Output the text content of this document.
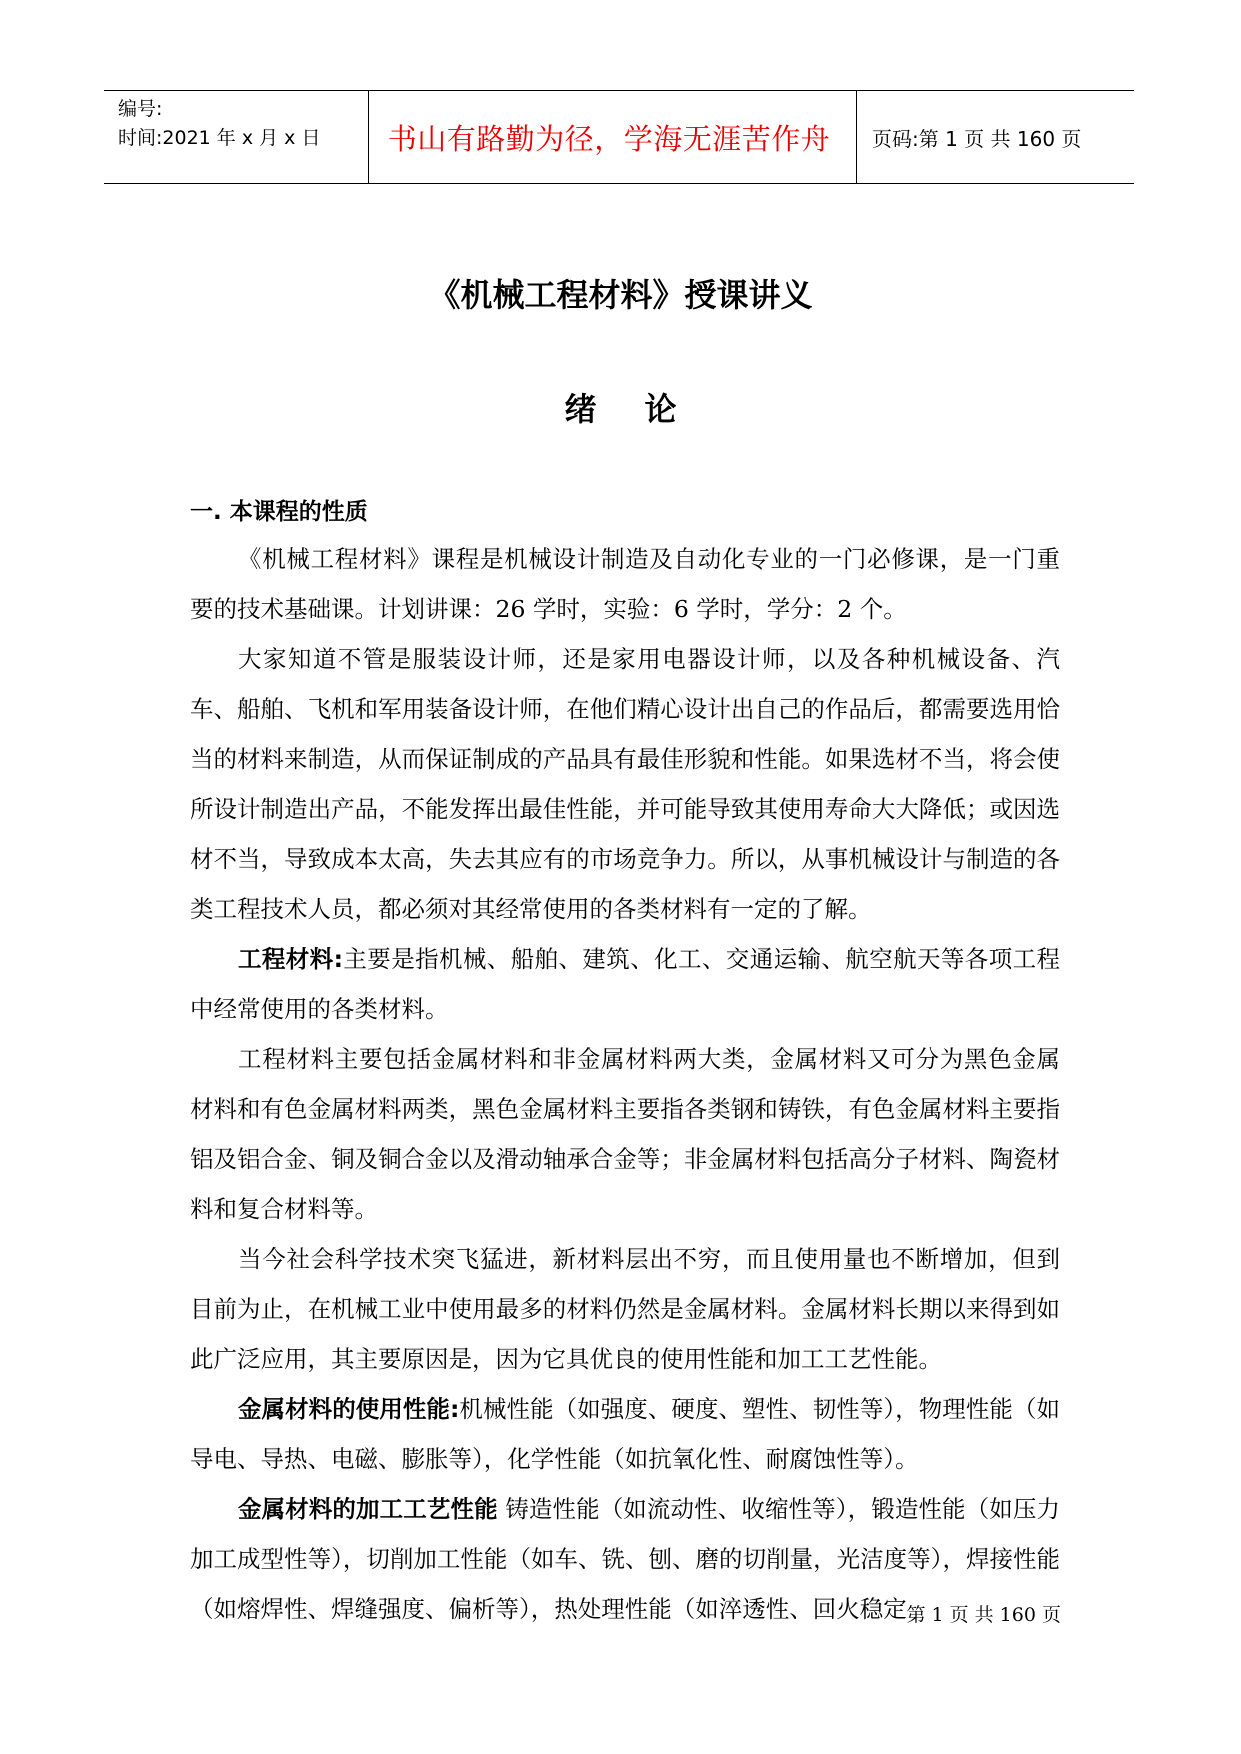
编号:
时间:2021 年 x 月 x 日	书山有路勤为径，学海无涯苦作舟	页码:第 1 页 共 160 页
《机械工程材料》授课讲义
绪 论
一. 本课程的性质

《机械工程材料》课程是机械设计制造及自动化专业的一门必修课，是一门重要的技术基础课。计划讲课：26 学时，实验：6 学时，学分：2 个。

大家知道不管是服装设计师，还是家用电器设计师，以及各种机械设备、汽车、船舶、飞机和军用装备设计师，在他们精心设计出自己的作品后，都需要选用恰当的材料来制造，从而保证制成的产品具有最佳形貌和性能。如果选材不当，将会使所设计制造出产品，不能发挥出最佳性能，并可能导致其使用寿命大大降低；或因选材不当，导致成本太高，失去其应有的市场竞争力。所以，从事机械设计与制造的各类工程技术人员，都必须对其经常使用的各类材料有一定的了解。

工程材料:主要是指机械、船舶、建筑、化工、交通运输、航空航天等各项工程中经常使用的各类材料。

工程材料主要包括金属材料和非金属材料两大类，金属材料又可分为黑色金属材料和有色金属材料两类，黑色金属材料主要指各类钢和铸铁，有色金属材料主要指铝及铝合金、铜及铜合金以及滑动轴承合金等；非金属材料包括高分子材料、陶瓷材料和复合材料等。

当今社会科学技术突飞猛进，新材料层出不穷，而且使用量也不断增加，但到目前为止，在机械工业中使用最多的材料仍然是金属材料。金属材料长期以来得到如此广泛应用，其主要原因是，因为它具优良的使用性能和加工工艺性能。

金属材料的使用性能:机械性能（如强度、硬度、塑性、韧性等），物理性能（如导电、导热、电磁、膨胀等），化学性能（如抗氧化性、耐腐蚀性等）。

金属材料的加工工艺性能 铸造性能（如流动性、收缩性等），锻造性能（如压力加工成型性等），切削加工性能（如车、铣、刨、磨的切削量，光洁度等），焊接性能（如熔焊性、焊缝强度、偏析等），热处理性能（如淬透性、回火稳定 第 1 页 共 160 页
